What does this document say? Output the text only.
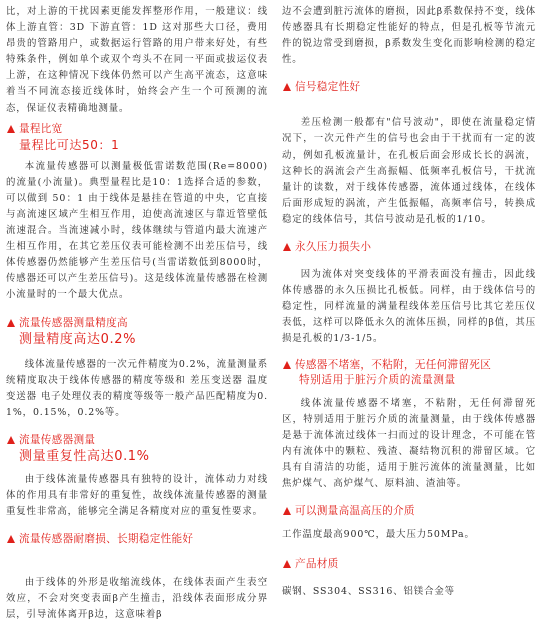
比，对上游的干扰因素更能发挥整形作用，一般建议：线体上游直管：3D 下游直管：1D 这对那些大口径，费用昂贵的管路用户，或数据运行管路的用户带来好处，有些特殊条件，例如单个或双个弯头不在同一平面或拔运仪表上游，在这种情况下线体仍然可以产生高平流态，这意味着当不同流态接近线体时，始终会产生一个可预测的流态，保证仪表精确地测量。

量程比宽
量程比可达50：1

本流量传感器可以测量极低雷诺数范围(Re=8000)的流量(小流量)。典型量程比是10：1选择合适的参数，可以做到 50：1 由于线体是悬挂在管道的中央，它直接与高流速区域产生相互作用，迫使高流速区与靠近管壁低流速混合。当流速减小时，线体继续与管道内最大流速产生相互作用，在其它差压仪表可能检测不出差压信号，线体传感器仍然能够产生差压信号(当雷诺数低到8000时，传感器还可以产生差压信号)。这是线体流量传感器在检测小流量时的一个最大优点。

流量传感器测量精度高
测量精度高达0.2%

线体流量传感器的一次元件精度为0.2%，流量测量系统精度取决于线体传感器的精度等级和 差压变送器 温度变送器 电子处理仪表的精度等级等一般产品匹配精度为0.1%，0.15%，0.2%等。

流量传感器测量
测量重复性高达0.1%

由于线体流量传感器具有独特的设计，流体动力对线体的作用具有非常好的重复性，故线体流量传感器的测量重复性非常高，能够完全满足各精度对应的重复性要求。

流量传感器耐磨损、长期稳定性能好

由于线体的外形是收缩流线体，在线体表面产生表空效应，不会对突变表面β产生撞击，沿线体表面形成分界层，引导流体离开β边，这意味着β

边不会遭到脏污流体的磨损，因此β系数保持不变，线体传感器具有长期稳定性能好的特点，但是孔板等节流元件的锐边常受到磨损，β系数发生变化而影响检测的稳定性。

信号稳定性好

差压检测一般都有"信号波动"，即使在流量稳定情况下，一次元件产生的信号也会由于干扰而有一定的波动，例如孔板流量计，在孔板后面会形成长长的涡流，这种长的涡流会产生高振幅、低频率孔板信号，干扰流量计的读数，对于线体传感器，流体通过线体，在线体后面形成短的涡流，产生低振幅，高频率信号，转换成稳定的线体信号，其信号波动是孔板的1/10。

永久压力损失小

因为流体对突变线体的平滑表面没有撞击，因此线体传感器的永久压损比孔板低。同样，由于线体信号的稳定性，同样流量的满量程线体差压信号比其它差压仪表低，这样可以降低永久的流体压损，同样的β值，其压损是孔板的1/3-1/5。

传感器不堵塞，不粘附，无任何滞留死区
特别适用于脏污介质的流量测量

线体流量传感器不堵塞，不粘附，无任何滞留死区，特别适用于脏污介质的流量测量，由于线体传感器是悬于流体流过线体一扫而过的设计理念，不可能在管内有流体中的颗粒、残渣、凝结物沉积的滞留区域。它具有自清洁的功能，适用于脏污流体的流量测量，比如焦炉煤气、高炉煤气、原料油、渣油等。

可以测量高温高压的介质

工作温度最高900℃，最大压力50MPa。

产品材质

碳钢、SS304、SS316、铝镁合金等
